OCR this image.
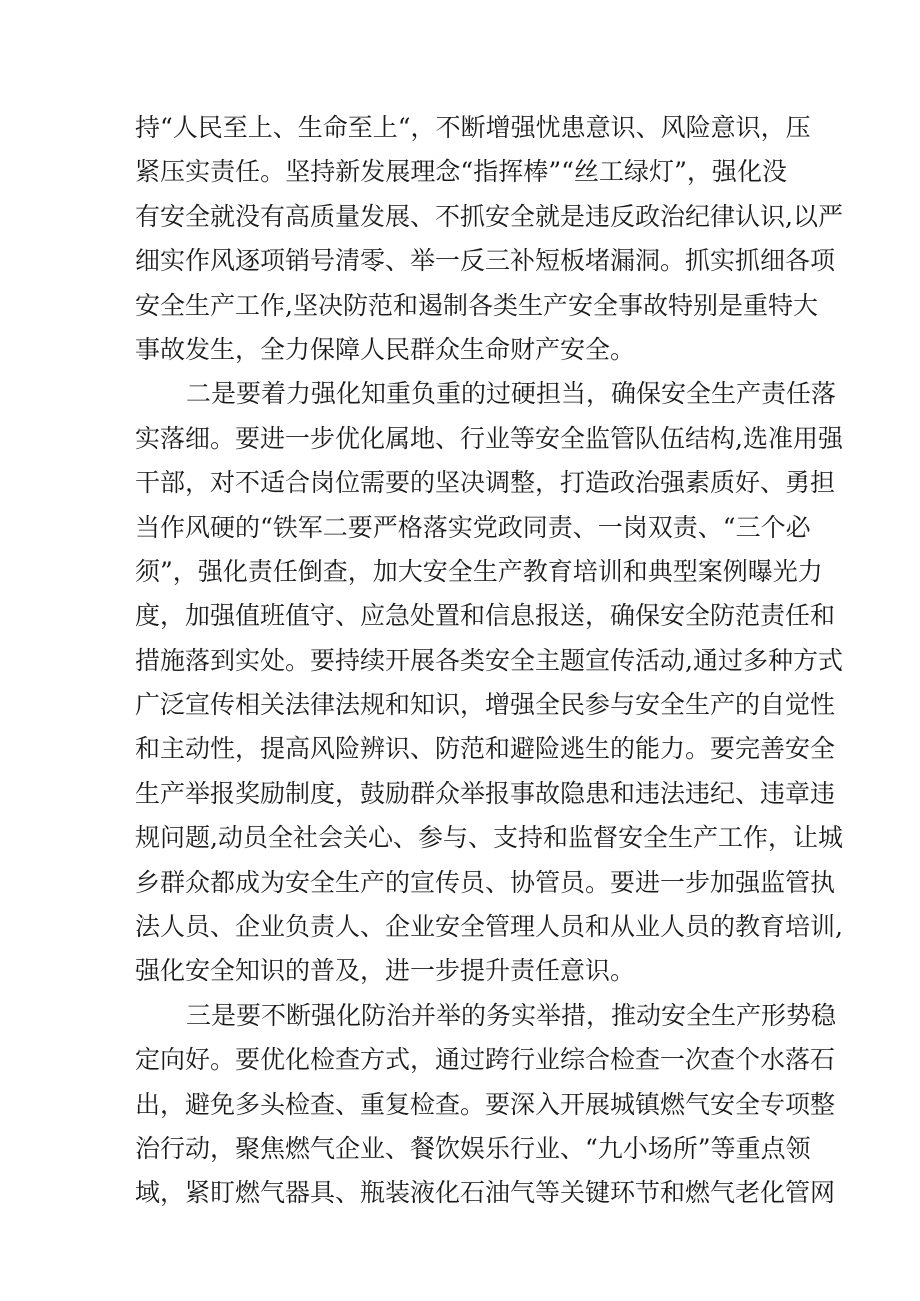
持“人民至上、生命至上“，不断增强忧患意识、风险意识，压
紧压实责任。坚持新发展理念“指挥棒”“丝工绿灯”，强化没
有安全就没有高质量发展、不抓安全就是违反政治纪律认识,以严
细实作风逐项销号清零、举一反三补短板堵漏洞。抓实抓细各项
安全生产工作,坚决防范和遏制各类生产安全事故特别是重特大
事故发生，全力保障人民群众生命财产安全。
二是要着力强化知重负重的过硬担当，确保安全生产责任落
实落细。要进一步优化属地、行业等安全监管队伍结构,选准用强
干部，对不适合岗位需要的坚决调整，打造政治强素质好、勇担
当作风硬的“铁军二要严格落实党政同责、一岗双责、“三个必
须”，强化责任倒查，加大安全生产教育培训和典型案例曝光力
度，加强值班值守、应急处置和信息报送，确保安全防范责任和
措施落到实处。要持续开展各类安全主题宣传活动,通过多种方式
广泛宣传相关法律法规和知识，增强全民参与安全生产的自觉性
和主动性，提高风险辨识、防范和避险逃生的能力。要完善安全
生产举报奖励制度，鼓励群众举报事故隐患和违法违纪、违章违
规问题,动员全社会关心、参与、支持和监督安全生产工作，让城
乡群众都成为安全生产的宣传员、协管员。要进一步加强监管执
法人员、企业负责人、企业安全管理人员和从业人员的教育培训,
强化安全知识的普及，进一步提升责任意识。
三是要不断强化防治并举的务实举措，推动安全生产形势稳
定向好。要优化检查方式，通过跨行业综合检查一次查个水落石
出，避免多头检查、重复检查。要深入开展城镇燃气安全专项整
治行动，聚焦燃气企业、餐饮娱乐行业、“九小场所”等重点领
域，紧盯燃气器具、瓶装液化石油气等关键环节和燃气老化管网
